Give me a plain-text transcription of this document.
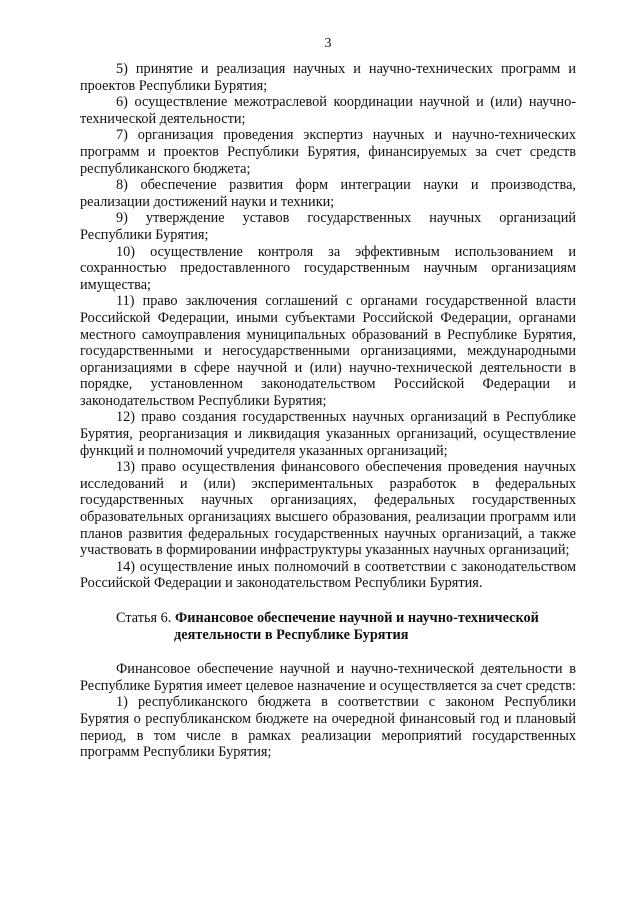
3

5) принятие и реализация научных и научно-технических программ и проектов Республики Бурятия;

6) осуществление межотраслевой координации научной и (или) научно-технической деятельности;

7) организация проведения экспертиз научных и научно-технических программ и проектов Республики Бурятия, финансируемых за счет средств республиканского бюджета;

8) обеспечение развития форм интеграции науки и производства, реализации достижений науки и техники;

9) утверждение уставов государственных научных организаций Республики Бурятия;

10) осуществление контроля за эффективным использованием и сохранностью предоставленного государственным научным организациям имущества;

11) право заключения соглашений с органами государственной власти Российской Федерации, иными субъектами Российской Федерации, органами местного самоуправления муниципальных образований в Республике Бурятия, государственными и негосударственными организациями, международными организациями в сфере научной и (или) научно-технической деятельности в порядке, установленном законодательством Российской Федерации и законодательством Республики Бурятия;

12) право создания государственных научных организаций в Республике Бурятия, реорганизация и ликвидация указанных организаций, осуществление функций и полномочий учредителя указанных организаций;

13) право осуществления финансового обеспечения проведения научных исследований и (или) экспериментальных разработок в федеральных государственных научных организациях, федеральных государственных образовательных организациях высшего образования, реализации программ или планов развития федеральных государственных научных организаций, а также участвовать в формировании инфраструктуры указанных научных организаций;

14) осуществление иных полномочий в соответствии с законодательством Российской Федерации и законодательством Республики Бурятия.

Статья 6. Финансовое обеспечение научной и научно-технической
деятельности в Республике Бурятия

Финансовое обеспечение научной и научно-технической деятельности в Республике Бурятия имеет целевое назначение и осуществляется за счет средств:

1) республиканского бюджета в соответствии с законом Республики Бурятия о республиканском бюджете на очередной финансовый год и плановый период, в том числе в рамках реализации мероприятий государственных программ Республики Бурятия;
